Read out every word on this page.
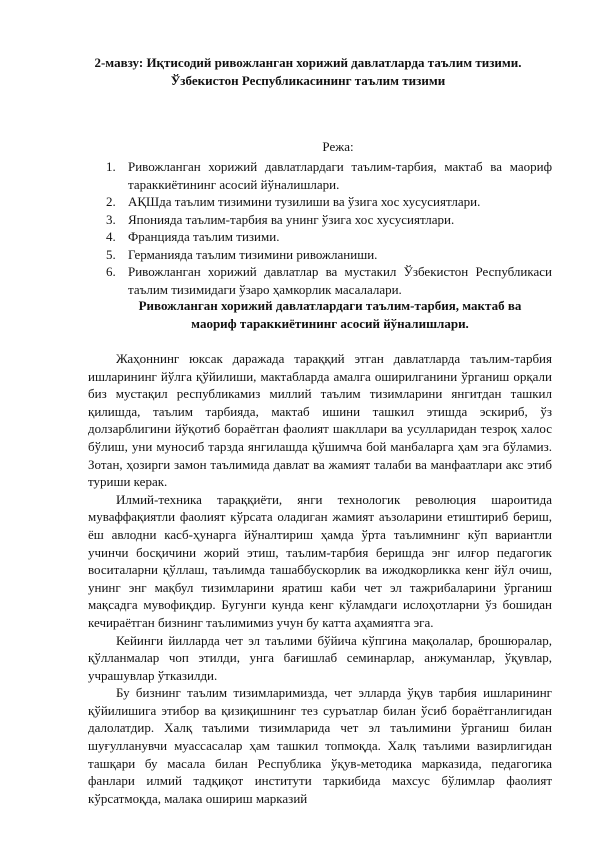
2-мавзу: Иқтисодий ривожланган хорижий давлатларда таълим тизими.
Ўзбекистон Республикасининг таълим тизими
Режа:
1. Ривожланган хорижий давлатлардаги таълим-тарбия, мактаб ва маориф тараккиётининг асосий йўналишлари.
2. АҚШда таълим тизимини тузилиши ва ўзига хос хусусиятлари.
3. Японияда таълим-тарбия ва унинг ўзига хос хусусиятлари.
4. Францияда таълим тизими.
5. Германияда таълим тизимини ривожланиши.
6. Ривожланган хорижий давлатлар ва мустакил Ўзбекистон Республикаси таълим тизимидаги ўзаро ҳамкорлик масалалари.
Ривожланган хорижий давлатлардаги таълим-тарбия, мактаб ва
маориф тараккиётининг асосий йўналишлари.

Жаҳоннинг юксак даражада тараққий этган давлатларда таълим-тарбия ишларининг йўлга қўйилиши, мактабларда амалга оширилганини ўрганиш орқали биз мустақил республикамиз миллий таълим тизимларини янгитдан ташкил қилишда, таълим тарбияда, мактаб ишини ташкил этишда эскириб, ўз долзарблигини йўқотиб бораётган фаолият шакллари ва усулларидан тезроқ халос бўлиш, уни муносиб тарзда янгилашда қўшимча бой манбаларга ҳам эга бўламиз. Зотан, ҳозирги замон таълимида давлат ва жамият талаби ва манфаатлари акс этиб туриши керак.

Илмий-техника тараққиёти, янги технологик революция шароитида муваффақиятли фаолият кўрсата оладиган жамият аъзоларини етиштириб бериш, ёш авлодни касб-ҳунарга йўналтириш ҳамда ўрта таълимнинг кўп вариантли учинчи босқичини жорий этиш, таълим-тарбия беришда энг илғор педагогик воситаларни қўллаш, таълимда ташаббускорлик ва ижодкорликка кенг йўл очиш, унинг энг мақбул тизимларини яратиш каби чет эл тажрибаларини ўрганиш мақсадга мувофиқдир. Бугунги кунда кенг кўламдаги ислоҳотларни ўз бошидан кечираётган бизнинг таълимимиз учун бу катта аҳамиятга эга.

Кейинги йилларда чет эл таълими бўйича кўпгина мақолалар, брошюралар, қўлланмалар чоп этилди, унга бағишлаб семинарлар, анжуманлар, ўқувлар, учрашувлар ўтказилди.

Бу бизнинг таълим тизимларимизда, чет элларда ўқув тарбия ишларининг қўйилишига этибор ва қизиқишнинг тез суръатлар билан ўсиб бораётганлигидан далолатдир. Халқ таълими тизимларида чет эл таълимини ўрганиш билан шуғулланувчи муассасалар ҳам ташкил топмоқда. Халқ таълими вазирлигидан ташқари бу масала билан Республика ўқув-методика марказида, педагогика фанлари илмий тадқиқот институти таркибида махсус бўлимлар фаолият кўрсатмоқда, малака ошириш марказий
